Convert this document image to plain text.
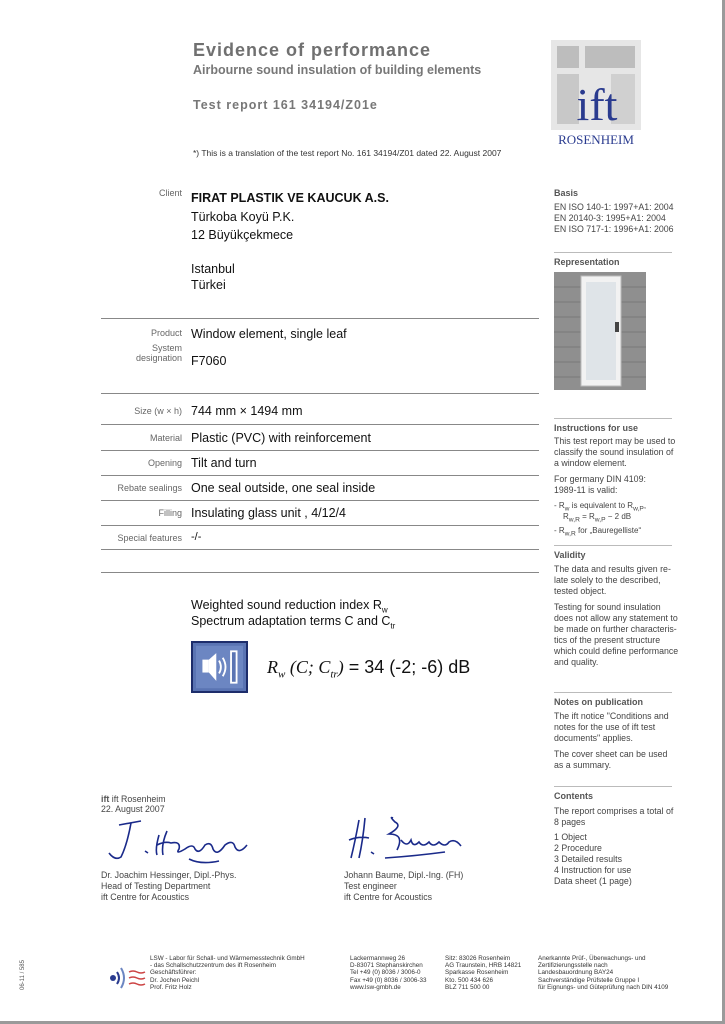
Evidence of performance
Airbourne sound insulation of building elements
Test report 161 34194/Z01e
*) This is a translation of the test report No. 161 34194/Z01 dated 22. August 2007
ift
ROSENHEIM
Client FIRAT PLASTIK VE KAUCUK A.S.
Türkoba Koyü P.K.
12 Büyükçekmece
Istanbul
Türkei
Product Window element, single leaf
System
designation F7060
Size (w × h) 744 mm × 1494 mm
Material Plastic (PVC) with reinforcement
Opening Tilt and turn
Rebate sealings One seal outside, one seal inside
Filling Insulating glass unit , 4/12/4
Special features -/-
Weighted sound reduction index $R_w$
Spectrum adaptation terms C and $C_{tr}$
$R_w$ (C; $C_{tr}) = 34$ (-2; -6) dB
Basis
EN ISO 140-1: 1997+A1: 2004
EN 20140-3: 1995+A1: 2004
EN ISO 717-1: 1996+A1: 2006
Representation
Instructions for use
This test report may be used to
classify the sound insulation of
a window element.
For germany DIN 4109:
1989-11 is valid:
- $R_w$ is equivalent to $R_{w,P}$,
$R_{w,R} = R_{w,P} - 2$ dB
- $R_{w,R}$ for „Bauregelliste“
Validity
The data and results given re-
late solely to the described,
tested object.
Testing for sound insulation
does not allow any statement to
be made on further characteris-
tics of the present structure
which could define performance
and quality.
Notes on publication
The ift notice "Conditions and
notes for the use of ift test
documents" applies.
The cover sheet can be used
as a summary.
Contents
The report comprises a total of
8 pages
1 Object
2 Procedure
3 Detailed results
4 Instruction for use
Data sheet (1 page)
ift ift Rosenheim
22. August 2007
Dr. Joachim Hessinger, Dipl.-Phys.
Head of Testing Department
ift Centre for Acoustics
Johann Baume, Dipl.-Ing. (FH)
Test engineer
ift Centre for Acoustics
06-11 / 585
LSW - Labor für Schall- und Wärmemesstechnik GmbH
- das Schallschutzzentrum des ift Rosenheim
Geschäftsführer:
Dr. Jochen Peichl
Prof. Fritz Holz
Lackermannweg 26
D-83071 Stephanskirchen
Tel +49 (0) 8036 / 3006-0
Fax +49 (0) 8036 / 3006-33
www.lsw-gmbh.de
Sitz: 83026 Rosenheim
AG Traunstein, HRB 14821
Sparkasse Rosenheim
Kto. 500 434 626
BLZ 711 500 00
Anerkannte Prüf-, Überwachungs- und
Zertifizierungsstelle nach
Landesbauordnung BAY24
Sachverständige Prüfstelle Gruppe I
für Eignungs- und Güteprüfung nach DIN 4109
